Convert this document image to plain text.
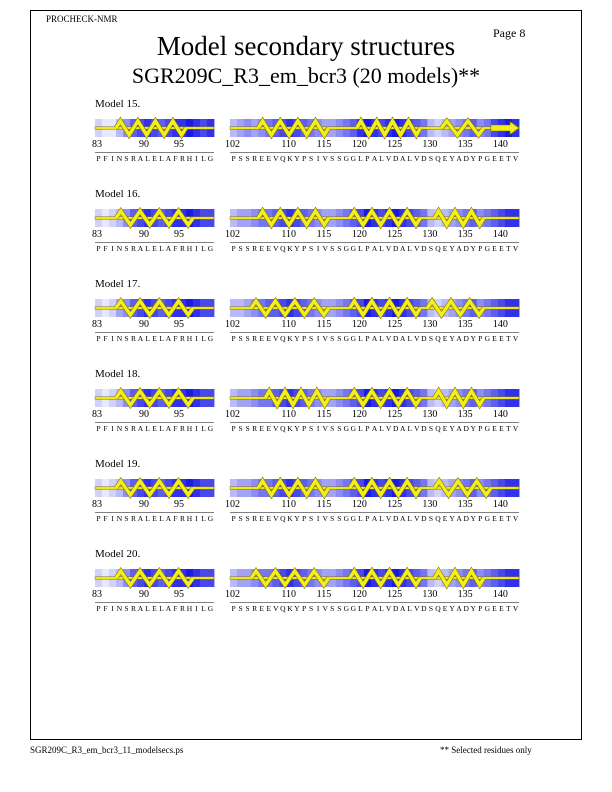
PROCHECK-NMR
Page 8
Model secondary structures
SGR209C_R3_em_bcr3 (20 models)**
SGR209C_R3_em_bcr3_11_modelsecs.ps	** Selected residues only
Model 15.
83	90	95
P F I N S R A L E L A F R H I L G
102	110 115 120 125 130 135 140
P S S R E E V Q K Y P S I V S S G G L P A L V D A L V D S Q E Y A D Y P G E E T V
Model 16.
83	90	95
P F I N S R A L E L A F R H I L G
102	110 115 120 125 130 135 140
P S S R E E V Q K Y P S I V S S G G L P A L V D A L V D S Q E Y A D Y P G E E T V
Model 17.
83	90	95
P F I N S R A L E L A F R H I L G
102	110 115 120 125 130 135 140
P S S R E E V Q K Y P S I V S S G G L P A L V D A L V D S Q E Y A D Y P G E E T V
Model 18.
83	90	95
P F I N S R A L E L A F R H I L G
102	110 115 120 125 130 135 140
P S S R E E V Q K Y P S I V S S G G L P A L V D A L V D S Q E Y A D Y P G E E T V
Model 19.
83	90	95
P F I N S R A L E L A F R H I L G
102	110 115 120 125 130 135 140
P S S R E E V Q K Y P S I V S S G G L P A L V D A L V D S Q E Y A D Y P G E E T V
Model 20.
83	90	95
P F I N S R A L E L A F R H I L G
102	110 115 120 125 130 135 140
P S S R E E V Q K Y P S I V S S G G L P A L V D A L V D S Q E Y A D Y P G E E T V
